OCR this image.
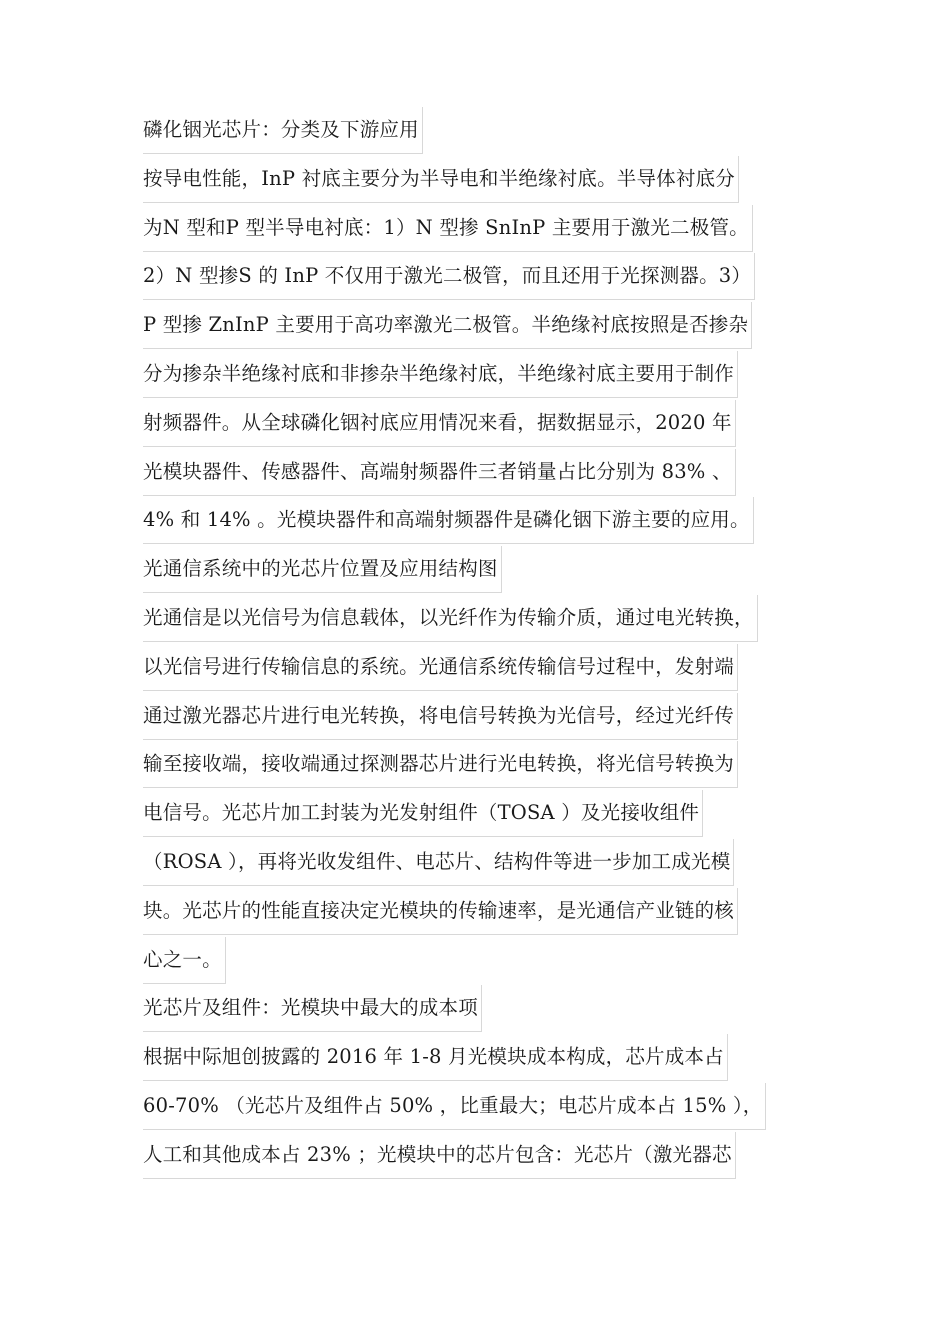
磷化铟光芯片：分类及下游应用
按导电性能，InP 衬底主要分为半导电和半绝缘衬底。半导体衬底分
为N 型和P 型半导电衬底：1）N 型掺 SnInP 主要用于激光二极管。
2）N 型掺S 的 InP 不仅用于激光二极管，而且还用于光探测器。3）
P 型掺 ZnInP 主要用于高功率激光二极管。半绝缘衬底按照是否掺杂
分为掺杂半绝缘衬底和非掺杂半绝缘衬底，半绝缘衬底主要用于制作
射频器件。从全球磷化铟衬底应用情况来看，据数据显示，2020 年
光模块器件、传感器件、高端射频器件三者销量占比分别为 83% 、
4% 和 14% 。光模块器件和高端射频器件是磷化铟下游主要的应用。
光通信系统中的光芯片位置及应用结构图
光通信是以光信号为信息载体，以光纤作为传输介质，通过电光转换，
以光信号进行传输信息的系统。光通信系统传输信号过程中，发射端
通过激光器芯片进行电光转换，将电信号转换为光信号，经过光纤传
输至接收端，接收端通过探测器芯片进行光电转换，将光信号转换为
电信号。光芯片加工封装为光发射组件（TOSA ）及光接收组件
（ROSA ），再将光收发组件、电芯片、结构件等进一步加工成光模
块。光芯片的性能直接决定光模块的传输速率，是光通信产业链的核
心之一。
光芯片及组件：光模块中最大的成本项
根据中际旭创披露的 2016 年 1-8 月光模块成本构成，芯片成本占
60-70% （光芯片及组件占 50% ，比重最大；电芯片成本占 15% ），
人工和其他成本占 23% ；光模块中的芯片包含：光芯片（激光器芯
